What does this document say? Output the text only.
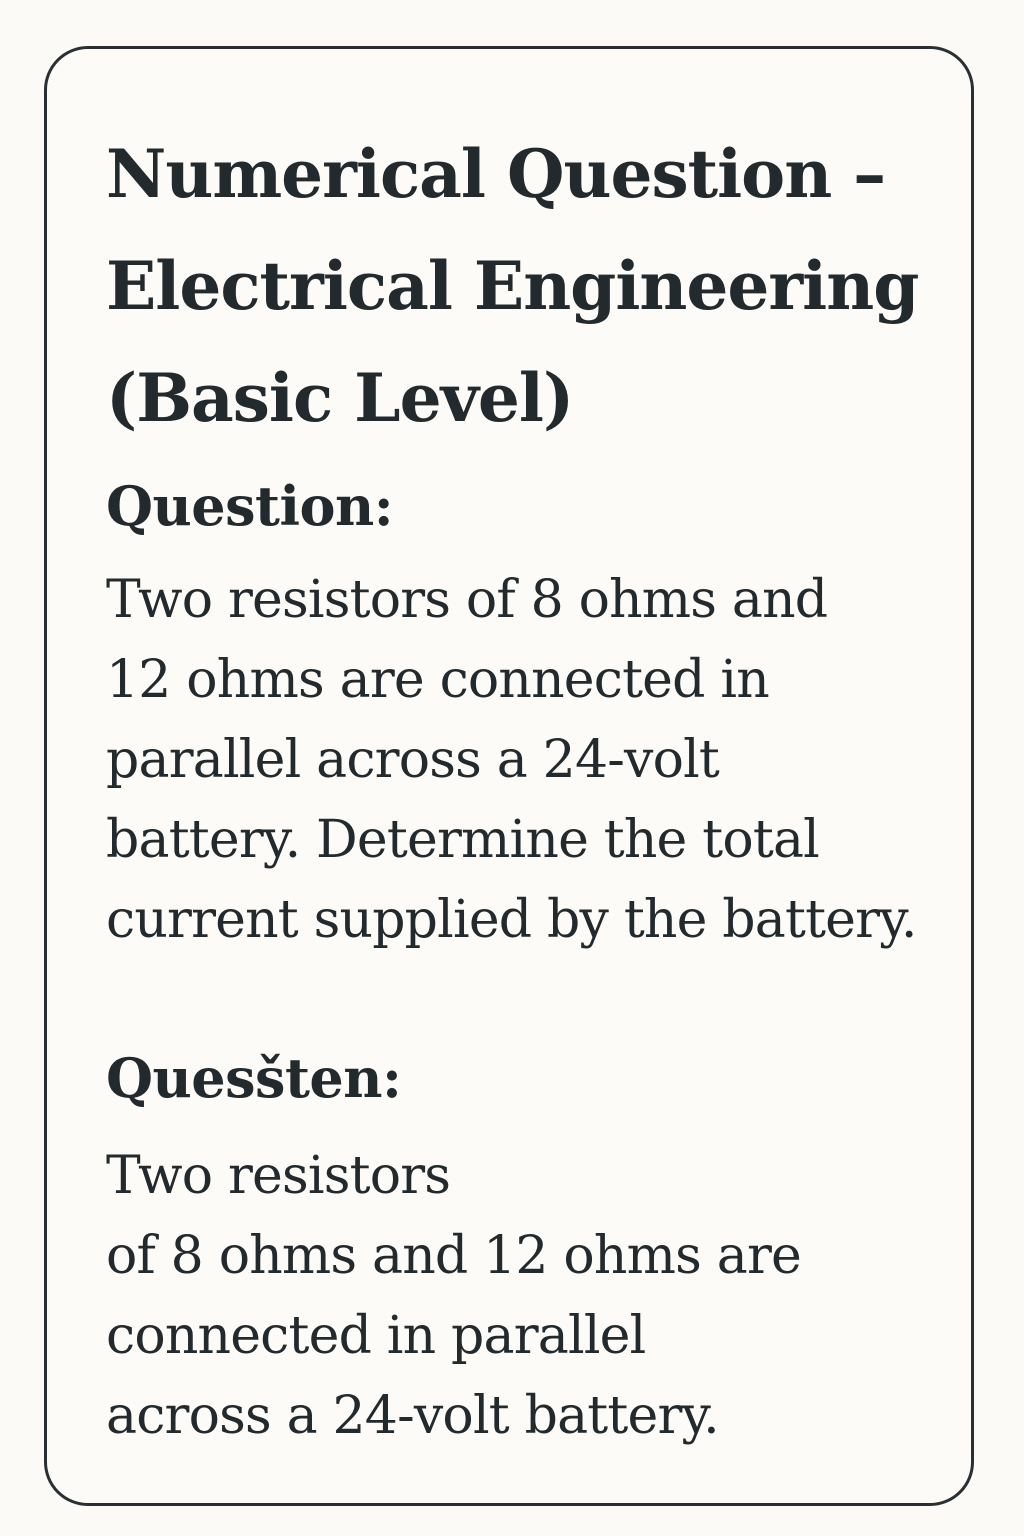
Numerical Question –
Electrical Engineering
(Basic Level)
Question:

Two resistors of 8 ohms and
12 ohms are connected in
parallel across a 24-volt
battery. Determine the total
current supplied by the battery.

Quesšten:

Two resistors
of 8 ohms and 12 ohms are
connected in parallel
across a 24-volt battery.
